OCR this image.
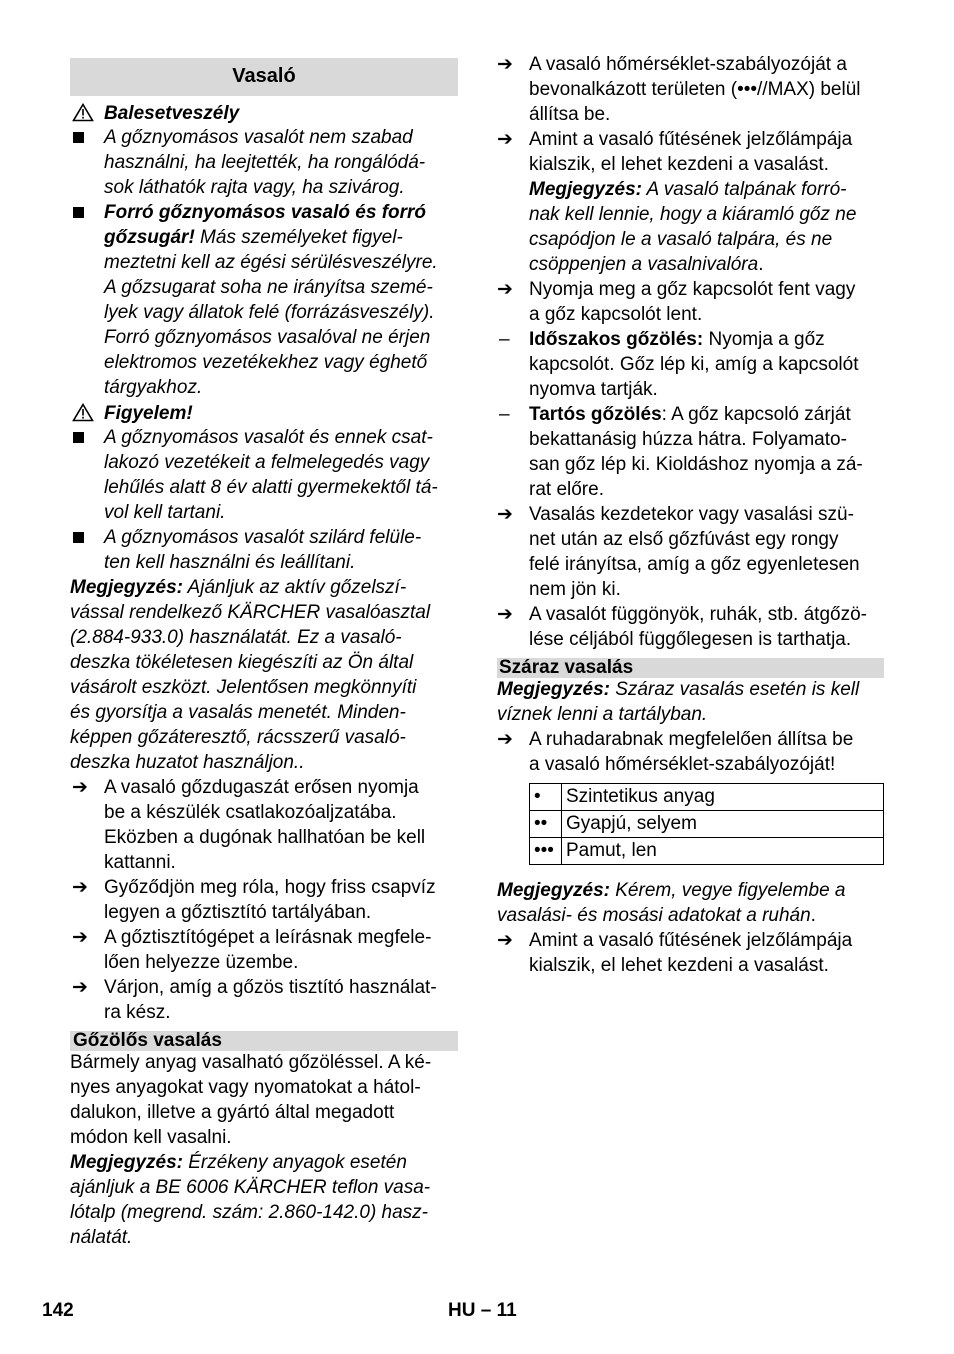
Vasaló
Balesetveszély
A gőznyomásos vasalót nem szabad
használni, ha leejtették, ha rongálódá-
sok láthatók rajta vagy, ha szivárog.
Forró gőznyomásos vasaló és forró
gőzsugár! Más személyeket figyel-
meztetni kell az égési sérülésveszélyre.
A gőzsugarat soha ne irányítsa szemé-
lyek vagy állatok felé (forrázásveszély).
Forró gőznyomásos vasalóval ne érjen
elektromos vezetékekhez vagy éghető
tárgyakhoz.
Figyelem!
A gőznyomásos vasalót és ennek csat-
lakozó vezetékeit a felmelegedés vagy
lehűlés alatt 8 év alatti gyermekektől tá-
vol kell tartani.
A gőznyomásos vasalót szilárd felüle-
ten kell használni és leállítani.
Megjegyzés: Ajánljuk az aktív gőzelszí-
vással rendelkező KÄRCHER vasalóasztal
(2.884-933.0) használatát. Ez a vasaló-
deszka tökéletesen kiegészíti az Ön által
vásárolt eszközt. Jelentősen megkönnyíti
és gyorsítja a vasalás menetét. Minden-
képpen gőzáteresztő, rácsszerű vasaló-
deszka huzatot használjon..
➔ A vasaló gőzdugaszát erősen nyomja
be a készülék csatlakozóaljzatába.
Eközben a dugónak hallhatóan be kell
kattanni.
➔ Győződjön meg róla, hogy friss csapvíz
legyen a gőztisztító tartályában.
➔ A gőztisztítógépet a leírásnak megfele-
lően helyezze üzembe.
➔ Várjon, amíg a gőzös tisztító használat-
ra kész.
Gőzölős vasalás
Bármely anyag vasalható gőzöléssel. A ké-
nyes anyagokat vagy nyomatokat a hátol-
dalukon, illetve a gyártó által megadott
módon kell vasalni.
Megjegyzés: Érzékeny anyagok esetén
ajánljuk a BE 6006 KÄRCHER teflon vasa-
lótalp (megrend. szám: 2.860-142.0) hasz-
nálatát.
➔ A vasaló hőmérséklet-szabályozóját a
bevonalkázott területen (•••//MAX) belül
állítsa be.
➔ Amint a vasaló fűtésének jelzőlámpája
kialszik, el lehet kezdeni a vasalást.
Megjegyzés: A vasaló talpának forró-
nak kell lennie, hogy a kiáramló gőz ne
csapódjon le a vasaló talpára, és ne
csöppenjen a vasalnivalóra.
➔ Nyomja meg a gőz kapcsolót fent vagy
a gőz kapcsolót lent.
– Időszakos gőzölés: Nyomja a gőz
kapcsolót. Gőz lép ki, amíg a kapcsolót
nyomva tartják.
– Tartós gőzölés: A gőz kapcsoló zárját
bekattanásig húzza hátra. Folyamato-
san gőz lép ki. Kioldáshoz nyomja a zá-
rat előre.
➔ Vasalás kezdetekor vagy vasalási szü-
net után az első gőzfúvást egy rongy
felé irányítsa, amíg a gőz egyenletesen
nem jön ki.
➔ A vasalót függönyök, ruhák, stb. átgőzö-
lése céljából függőlegesen is tarthatja.
Száraz vasalás
Megjegyzés: Száraz vasalás esetén is kell
víznek lenni a tartályban.
➔ A ruhadarabnak megfelelően állítsa be
a vasaló hőmérséklet-szabályozóját!
•	Szintetikus anyag
••	Gyapjú, selyem
•••	Pamut, len
Megjegyzés: Kérem, vegye figyelembe a
vasalási- és mosási adatokat a ruhán.
➔ Amint a vasaló fűtésének jelzőlámpája
kialszik, el lehet kezdeni a vasalást.
142	HU – 11
